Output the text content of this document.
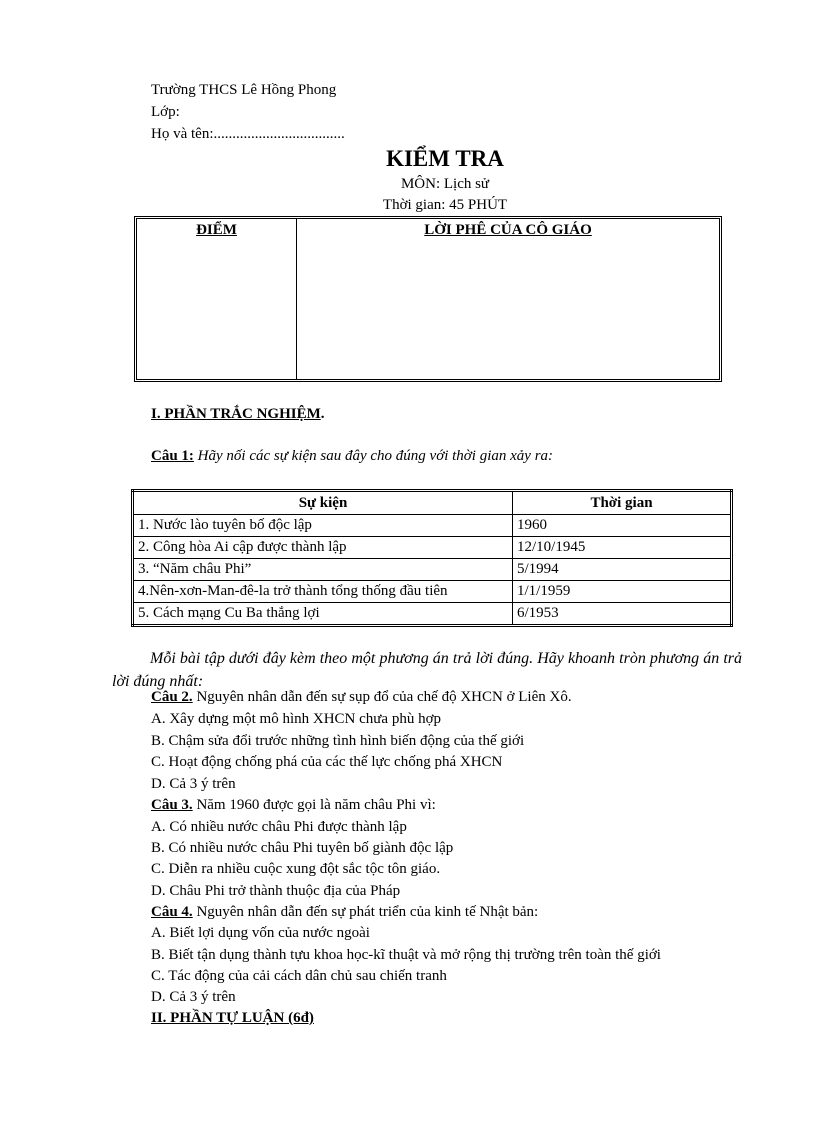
Trường THCS Lê Hồng Phong
Lớp:
Họ và tên:...................................
KIỂM TRA
MÔN: Lịch sử
Thời gian: 45 PHÚT
ĐIỂM	LỜI PHÊ CỦA CÔ GIÁO
I. PHẦN TRẮC NGHIỆM.
Câu 1: Hãy nối các sự kiện sau đây cho đúng với thời gian xảy ra:
Sự kiện	Thời gian
1. Nước lào tuyên bố độc lập	1960
2. Công hòa Ai cập được thành lập	12/10/1945
3. “Năm châu Phi”	5/1994
4.Nên-xơn-Man-đê-la trở thành tổng thống đầu tiên	1/1/1959
5. Cách mạng Cu Ba thắng lợi	6/1953
Mỗi bài tập dưới đây kèm theo một phương án trả lời đúng. Hãy khoanh tròn phương án trả lời đúng nhất:
Câu 2. Nguyên nhân dẫn đến sự sụp đổ của chế độ XHCN ở Liên Xô.
A. Xây dựng một mô hình XHCN chưa phù hợp
B. Chậm sửa đổi trước những tình hình biến động của thế giới
C. Hoạt động chống phá của các thế lực chống phá XHCN
D. Cả 3 ý trên
Câu 3. Năm 1960 được gọi là năm châu Phi vì:
A. Có nhiều nước châu Phi được thành lập
B. Có nhiều nước châu Phi tuyên bố giành độc lập
C. Diễn ra nhiều cuộc xung đột sắc tộc tôn giáo.
D. Châu Phi trở thành thuộc địa của Pháp
Câu 4. Nguyên nhân dẫn đến sự phát triển của kinh tế Nhật bản:
A. Biết lợi dụng vốn của nước ngoài
B. Biết tận dụng thành tựu khoa học-kĩ thuật và mở rộng thị trường trên toàn thế giới
C. Tác động của cải cách dân chủ sau chiến tranh
D. Cả 3 ý trên
II. PHẦN TỰ LUẬN (6đ)
